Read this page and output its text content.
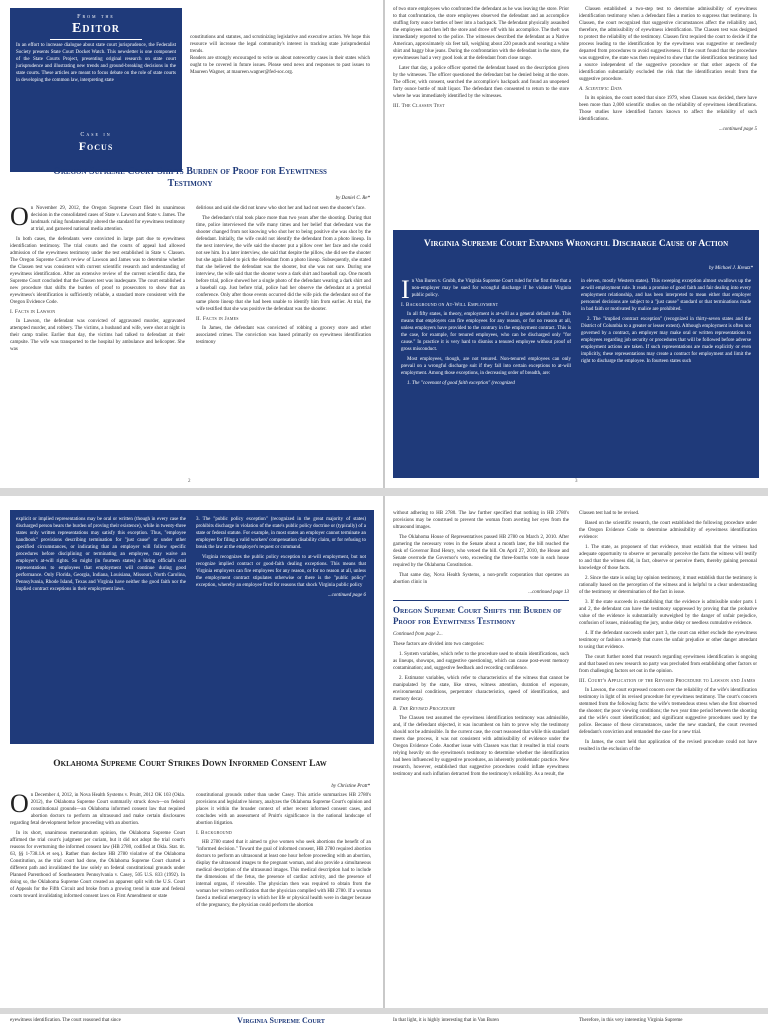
From the
Editor

In an effort to increase dialogue about state court jurisprudence, the Federalist Society presents State Court Docket Watch. This newsletter is one component of the State Courts Project, presenting original research on state court jurisprudence and illustrating new trends and ground-breaking decisions in the state courts. These articles are meant to focus debate on the role of state courts in developing the common law, interpreting state

constitutions and statutes, and scrutinizing legislative and executive action. We hope this resource will increase the legal community's interest in tracking state jurisprudential trends.
Readers are strongly encouraged to write us about noteworthy cases in their states which ought to be covered in future issues. Please send news and responses to past issues to Maureen Wagner, at maureen.wagner@fed-soc.org.

Case in
Focus
Oregon Supreme Court Shifts Burden of Proof for Eyewitness Testimony
by Daniel C. Re*

On November 29, 2012, the Oregon Supreme Court filed its unanimous decision in the consolidated cases of State v. Lawson and State v. James. The landmark ruling fundamentally altered the standard for eyewitness testimony at trial, and garnered national media attention.

In both cases, the defendants were convicted in large part due to eyewitness identification testimony. The trial courts and the courts of appeal had allowed admission of the eyewitness testimony under the test established in State v. Classen. The Oregon Supreme Court's review of Lawson and James was to determine whether the Classen test was consistent with current scientific research and understanding of eyewitness identification. After an extensive review of the current scientific data, the Supreme Court concluded that the Classen test was inadequate. The court established a new procedure that shifts the burden of proof to prosecutors to show that an eyewitness's identification is sufficiently reliable, a standard more consistent with the Oregon Evidence Code.

I. Facts in Lawson

In Lawson, the defendant was convicted of aggravated murder, aggravated attempted murder, and robbery. The victims, a husband and wife, were shot at night in their camp trailer. Earlier that day, the victims had talked to defendant at their campsite. The wife was transported to the hospital by ambulance and helicopter. She was

delirious and said she did not know who shot her and had not seen the shooter's face.

The defendant's trial took place more than two years after the shooting. During that time, police interviewed the wife many times and her belief that defendant was the shooter changed from not knowing who shot her to being positive she was shot by the defendant. Initially, the wife could not identify the defendant from a photo lineup. In the next interview, the wife said the shooter put a pillow over her face and she could not see him. In a later interview, she said that despite the pillow, she did see the shooter but she again failed to pick the defendant from a photo lineup. Subsequently, she stated that she believed the defendant was the shooter, but she was not sure. During one interview, the wife said that the shooter wore a dark shirt and baseball cap. One month before trial, police showed her a single photo of the defendant wearing a dark shirt and a baseball cap. Just before trial, police had her observe the defendant at a pretrial conference. Only after those events occurred did the wife pick the defendant out of the same photo lineup that she had been unable to identify him from earlier. At trial, the wife testified that she was positive the defendant was the shooter.

II. Facts in James

In James, the defendant was convicted of robbing a grocery store and other associated crimes. The conviction was based primarily on eyewitness identification testimony

2

of two store employees who confronted the defendant as he was leaving the store. Prior to that confrontation, the store employees observed the defendant and an accomplice stuffing forty ounce bottles of beer into a backpack. The defendant physically assaulted the employees and then left the store and drove off with his accomplice. The theft was immediately reported to the police. The witnesses described the defendant as a Native American, approximately six feet tall, weighing about 220 pounds and wearing a white shirt and baggy blue jeans. During the confrontation with the defendant in the store, the eyewitnesses had a very good look at the defendant from close range.

Later that day, a police officer spotted the defendant based on the description given by the witnesses. The officer questioned the defendant but he denied being at the store. The officer, with consent, searched the accomplice's backpack and found an unopened forty ounce bottle of malt liquor. The defendant then consented to return to the store where he was immediately identified by the witnesses.

III. The Classen Test

Classen established a two-step test to determine admissibility of eyewitness identification testimony when a defendant files a motion to suppress that testimony. In Classen, the court recognized that suggestive circumstances affect the reliability and, therefore, the admissibility of eyewitness identification. The Classen test was designed to protect the reliability of the testimony. Classen first required the court to decide if the process leading to the identification by the eyewitness was suggestive or needlessly departed from procedures to avoid suggestiveness. If the court found that the procedure was suggestive, the state was then required to show that the identification testimony had a source independent of the suggestive procedure or that other aspects of the identification substantially excluded the risk that the identification result from the suggestive procedure.

A. Scientific Data

In its opinion, the court noted that since 1979, when Classen was decided, there have been more than 2,000 scientific studies on the reliability of eyewitness identifications. Those studies have identified factors known to affect the reliability of such identifications.

...continued page 5
Virginia Supreme Court Expands Wrongful Discharge Cause of Action
by Michael J. Kreutz*

In Van Buren v. Grubb, the Virginia Supreme Court ruled for the first time that a non-employer may be sued for wrongful discharge if he violated Virginia public policy.

I. Background on At-Will Employment

In all fifty states, in theory, employment is at-will as a general default rule. This means that employers can fire employees for any reason, or for no reason at all, unless employers have provided to the contrary in the employment contract. This is the case, for example, for tenured employees, who can be discharged only "for cause." In practice it is very hard to dismiss a tenured employee without proof of gross misconduct.

Most employees, though, are not tenured. Non-tenured employees can only prevail on a wrongful discharge suit if they fall into certain exceptions to at-will employment. Among those exceptions, in decreasing order of breadth, are:

1. The "covenant of good faith exception" (recognized

in eleven, mostly Western states). This sweeping exception almost swallows up the at-will employment rule. It reads a promise of good faith and fair dealing into every employment relationship, and has been interpreted to mean either that employer personnel decisions are subject to a "just cause" standard or that terminations made in bad faith or motivated by malice are prohibited.

2. The "implied contract exception" (recognized in thirty-seven states and the District of Columbia to a greater or lesser extent). Although employment is often not governed by a contract, an employer may make oral or written representations to employees regarding job security or procedures that will be followed before adverse employment actions are taken. If such representations are made explicitly or even implicitly, these representations may create a contract for employment and limit the right to discharge the employee. In fourteen states such

3

explicit or implied representations may be oral or written (though in every case the discharged person bears the burden of proving their existence), while in twenty-three states only written representations may satisfy this exception. Thus, "employee handbook" provisions describing termination for "just cause" or under other specified circumstances, or indicating that an employer will follow specific procedures before disciplining or terminating an employee, may waive an employer's at-will rights. So might (in fourteen states) a hiring official's oral representations to employees that employment will continue during good performance. Only Florida, Georgia, Indiana, Louisiana, Missouri, North Carolina, Pennsylvania, Rhode Island, Texas and Virginia have neither the good faith nor the implied contract exceptions in their employment laws.

3. The "public policy exception" (recognized in the great majority of states) prohibits discharge in violation of the state's public policy doctrine or (typically) of a state or federal statute. For example, in most states an employer cannot terminate an employee for filing a valid workers' compensation disability claim, or for refusing to break the law at the employer's request or command.

Virginia recognizes the public policy exception to at-will employment, but not recognize implied contract or good-faith dealing exceptions. This means that Virginia employers can fire employees for any reason, or for no reason at all, unless the employment contract stipulates otherwise or there is the "public policy" exception, whereby an employee fired for reasons that shock Virginia public policy

...continued page 6
Oklahoma Supreme Court Strikes Down Informed Consent Law
by Christine Pratt*

On December 4, 2012, in Nova Health Systems v. Pruitt, 2012 OK 103 (Okla. 2012), the Oklahoma Supreme Court summarily struck down—on federal constitutional grounds—an Oklahoma informed consent law that required abortion doctors to perform an ultrasound and make certain disclosures regarding fetal development before proceeding with an abortion.

In its short, unanimous memorandum opinion, the Oklahoma Supreme Court affirmed the trial court's judgment per curiam, but it did not adopt the trial court's reasons for overturning the informed consent law (HB 2780, codified at Okla. Stat. tit. 63, §§ 1-738.1A et seq.). Rather than declare HB 2780 violative of the Oklahoma Constitution, as the trial court had done, the Oklahoma Supreme Court charted a different path and invalidated the law solely on federal constitutional grounds under Planned Parenthood of Southeastern Pennsylvania v. Casey, 505 U.S. 833 (1992). In doing so, the Oklahoma Supreme Court created an apparent split with the U.S. Court of Appeals for the Fifth Circuit and broke from a growing trend in state and federal courts toward invalidating informed consent laws on First Amendment or state

constitutional grounds rather than under Casey. This article summarizes HB 2780's provisions and legislative history, analyzes the Oklahoma Supreme Court's opinion and places it within the broader context of other recent informed consent cases, and concludes with an assessment of Pruitt's significance in the national landscape of abortion litigation.

I. Background

HB 2780 stated that it aimed to give women who seek abortions the benefit of an "informed decision." Toward the goal of informed consent, HB 2780 required abortion doctors to perform an ultrasound at least one hour before proceeding with an abortion, display the ultrasound images to the pregnant woman, and also provide a simultaneous medical description of the ultrasound images. This medical description had to include the dimensions of the fetus, the presence of cardiac activity, and the presence of internal organs, if viewable. The physician then was required to obtain from the woman her written certification that the physician complied with HB 2780. If a woman faced a medical emergency in which her life or physical health were in danger because of the pregnancy, the physician could perform the abortion

without adhering to HB 2780. The law further specified that nothing in HB 2780's provisions may be construed to prevent the woman from averting her eyes from the ultrasound images.

The Oklahoma House of Representatives passed HB 2780 on March 2, 2010. After garnering the necessary votes in the Senate about a month later, the bill reached the desk of Governor Brad Henry, who vetoed the bill. On April 27, 2010, the House and Senate overrode the Governor's veto, exceeding the three-fourths vote in each house required by the Oklahoma Constitution.

That same day, Nova Health Systems, a non-profit corporation that operates an abortion clinic in

...continued page 13
Oregon Supreme Court Shifts the Burden of Proof for Eyewitness Testimony

Continued from page 2...

These factors are divided into two categories:

1. System variables, which refer to the procedure used to obtain identifications, such as lineups, showups, and suggestive questioning, which can cause post-event memory contamination; and, suggestive feedback and recording confidence.

2. Estimator variables, which refer to characteristics of the witness that cannot be manipulated by the state, like stress, witness attention, duration of exposure, environmental conditions, perpetrator characteristics, speed of identification, and memory decay.

B. The Revised Procedure

The Classen test assumed the eyewitness identification testimony was admissible, and, if the defendant objected, it was incumbent on him to prove why the testimony should not be admissible. In the current case, the court reasoned that while this standard meets due process, it was not consistent with admissibility of evidence under the Oregon Evidence Code. Another issue with Classen was that it resulted in trial courts relying heavily on the eyewitness's testimony to determine whether the identification had been influenced by suggestive procedures, an inherently problematic practice. New research, however, established that suggestive procedures could inflate eyewitness testimony and such inflation detracted from the testimony's reliability. As a result, the

Classen test had to be revised.

Based on the scientific research, the court established the following procedure under the Oregon Evidence Code to determine admissibility of eyewitness identification evidence:

1. The state, as proponent of that evidence, must establish that the witness had adequate opportunity to observe or personally perceive the facts the witness will testify to and that the witness did, in fact, observe or perceive them, thereby gaining personal knowledge of those facts.

2. Since the state is using lay opinion testimony, it must establish that the testimony is rationally based on the perception of the witness and is helpful to a clear understanding of the testimony or determination of the fact in issue.

3. If the state succeeds in establishing that the evidence is admissible under parts 1 and 2, the defendant can have the testimony suppressed by proving that the probative value of the evidence is substantially outweighed by the danger of unfair prejudice, confusion of issues, misleading the jury, undue delay or needless cumulative evidence.

4. If the defendant succeeds under part 3, the court can either exclude the eyewitness testimony or fashion a remedy that cures the unfair prejudice or other danger attendant to using that evidence.

The court further noted that research regarding eyewitness identification is ongoing and that based on new research no party was precluded from establishing other factors or from challenging factors set out in the opinion.

III. Court's Application of the Revised Procedure to Lawson and James

In Lawson, the court expressed concern over the reliability of the wife's identification testimony in light of its revised procedure for eyewitness testimony. The court's concern stemmed from the following facts: the wife's tremendous stress when she first observed the shooter; the poor viewing conditions; the two year time period between the shooting and the wife's court identification; and significant suggestive procedures used by the police. Because of these circumstances, under the new standard, the court reversed defendant's conviction and remanded the case for a new trial.

In James, the court held that application of the revised procedure could not have resulted in the exclusion of the

eyewitness identification. The court reasoned that since	Virginia Supreme Court	In that light, it is highly interesting that in Van Buren	Therefore, in this very interesting Virginia Supreme
